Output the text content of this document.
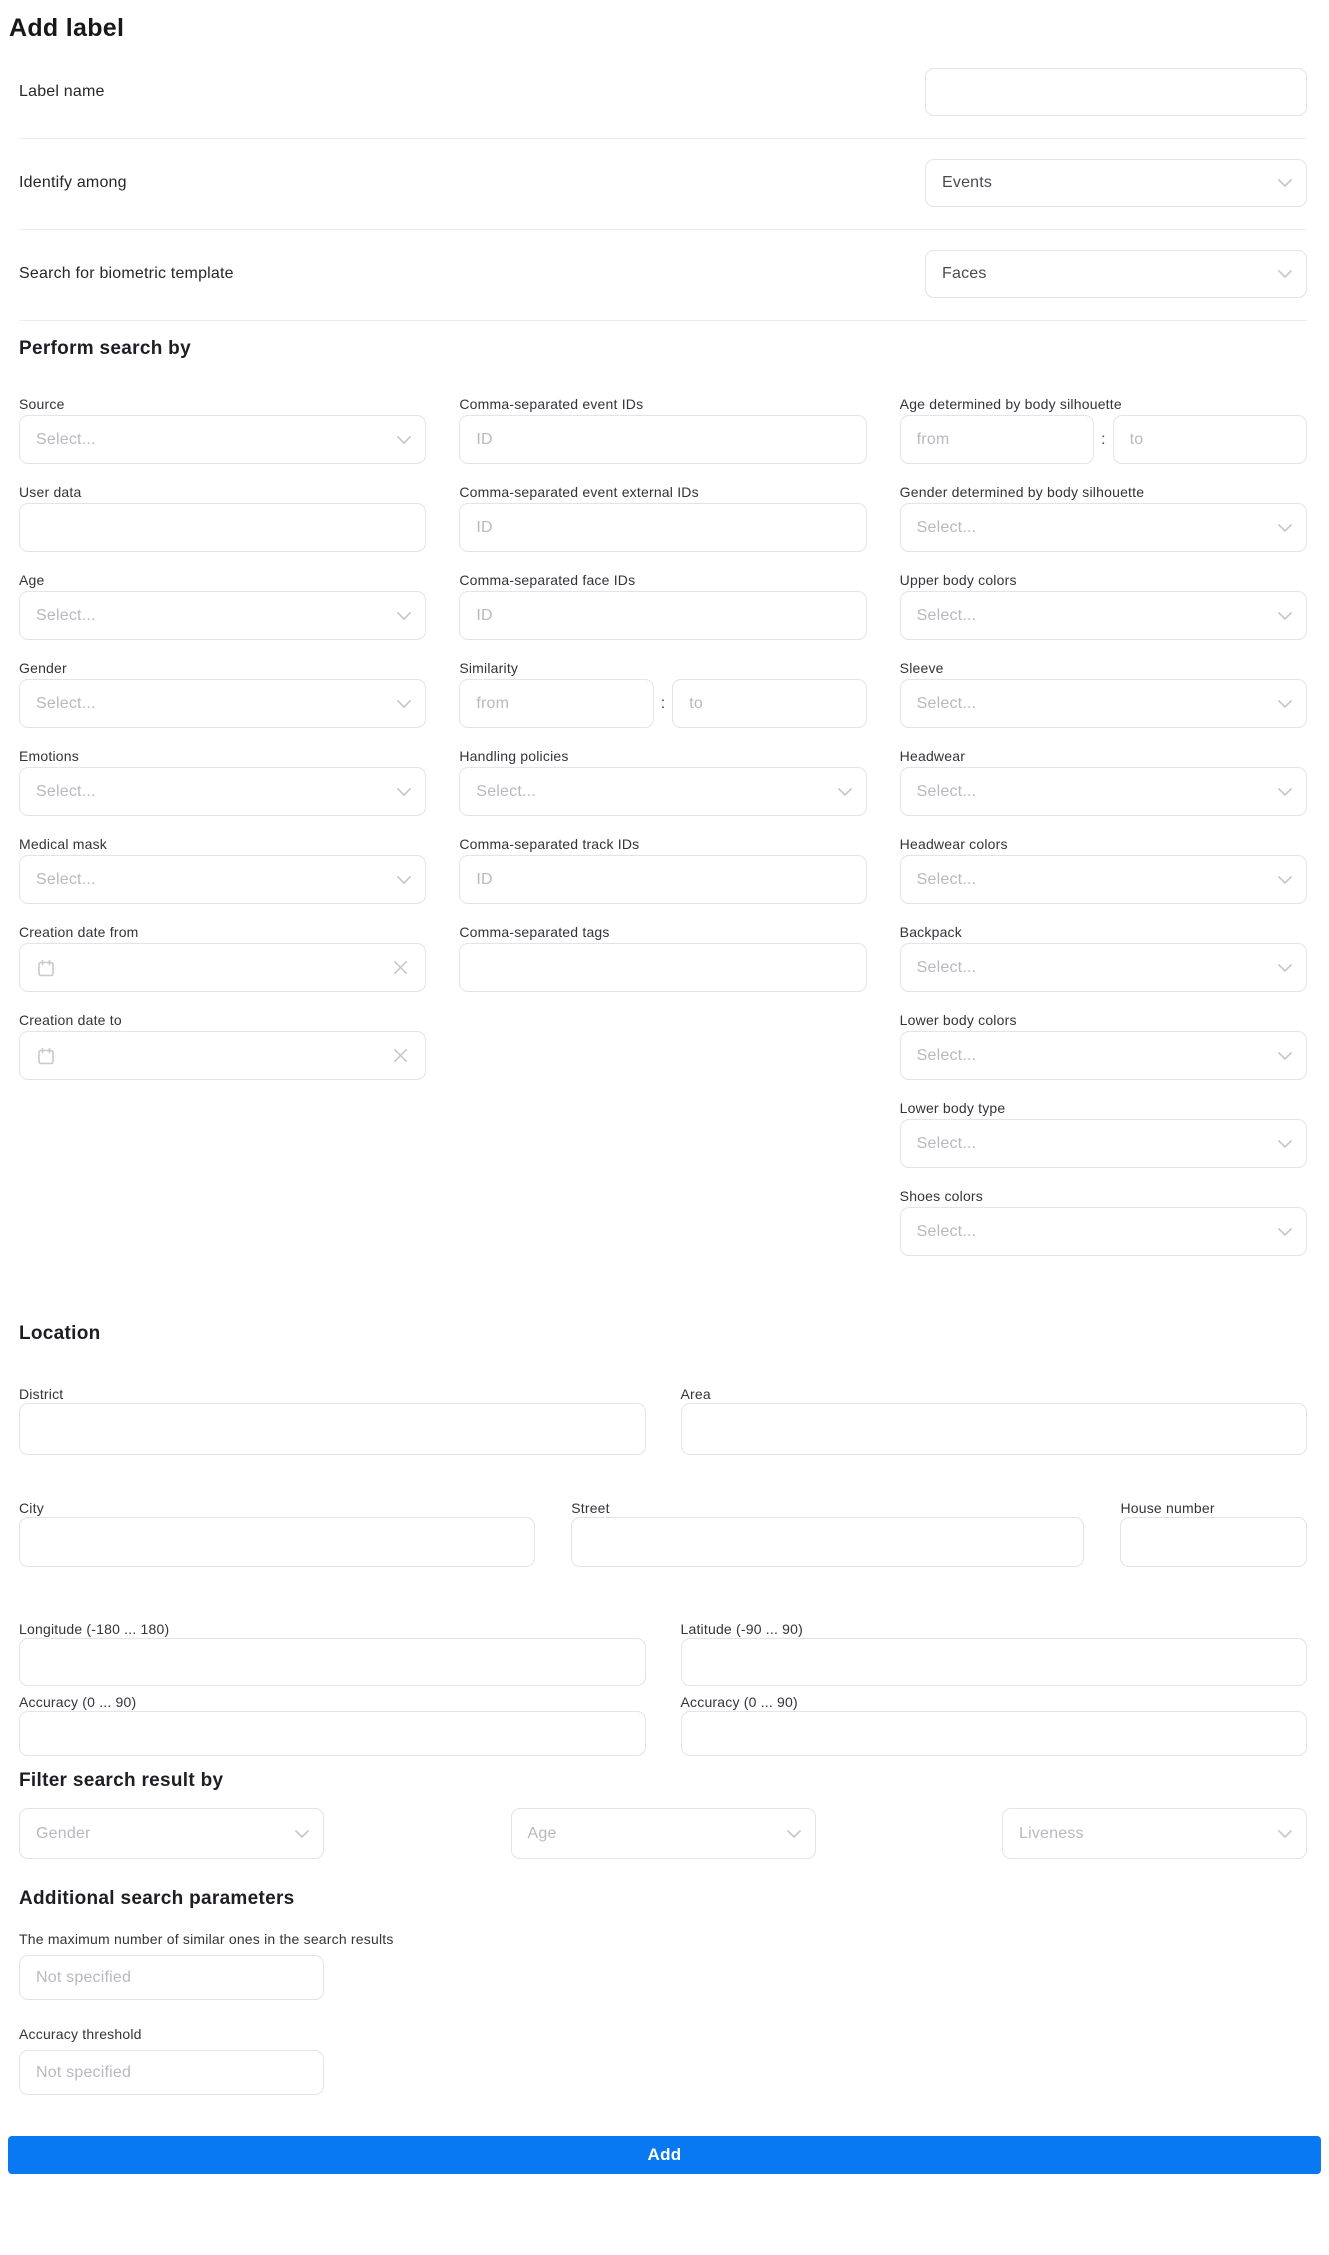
Add label
Label name
Identify among	Events
Search for biometric template	Faces
Perform search by
Source
Select...
User data
Age
Select...
Gender
Select...
Emotions
Select...
Medical mask
Select...
Creation date from
Creation date to
Comma-separated event IDs
ID
Comma-separated event external IDs
ID
Comma-separated face IDs
ID
Similarity
from
:
to
Handling policies
Select...
Comma-separated track IDs
ID
Comma-separated tags
Age determined by body silhouette
from
:
to
Gender determined by body silhouette
Select...
Upper body colors
Select...
Sleeve
Select...
Headwear
Select...
Headwear colors
Select...
Backpack
Select...
Lower body colors
Select...
Lower body type
Select...
Shoes colors
Select...
Location
District	Area
City	Street	House number
Longitude (-180 ... 180)	Latitude (-90 ... 90)
Accuracy (0 ... 90)	Accuracy (0 ... 90)
Filter search result by
Gender	Age	Liveness
Additional search parameters
The maximum number of similar ones in the search results
Not specified
Accuracy threshold
Not specified
Add
